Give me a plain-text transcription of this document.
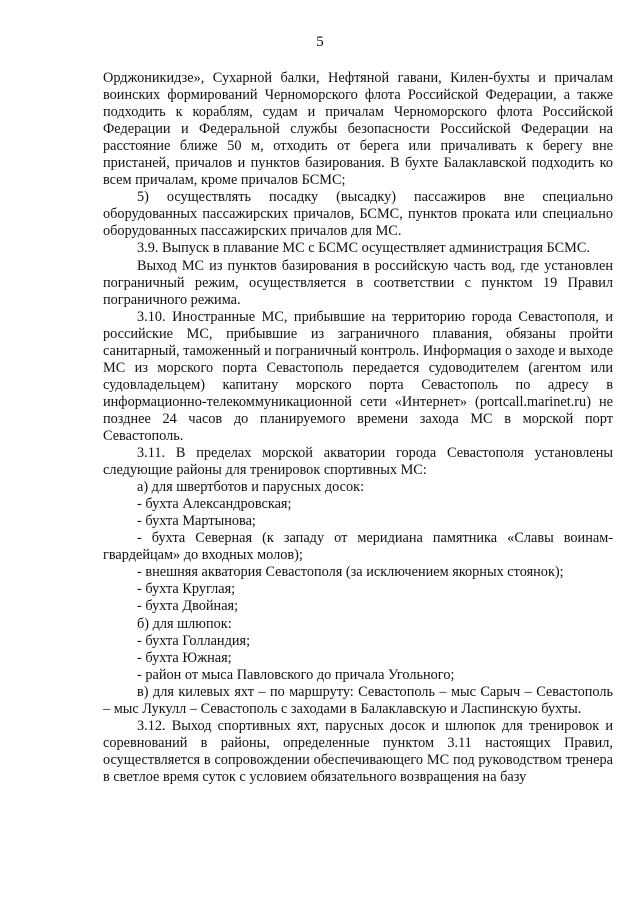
5

Орджоникидзе», Сухарной балки, Нефтяной гавани, Килен-бухты и причалам воинских формирований Черноморского флота Российской Федерации, а также подходить к кораблям, судам и причалам Черноморского флота Российской Федерации и Федеральной службы безопасности Российской Федерации на расстояние ближе 50 м, отходить от берега или причаливать к берегу вне пристаней, причалов и пунктов базирования. В бухте Балаклавской подходить ко всем причалам, кроме причалов БСМС;

5) осуществлять посадку (высадку) пассажиров вне специально оборудованных пассажирских причалов, БСМС, пунктов проката или специально оборудованных пассажирских причалов для МС.

3.9. Выпуск в плавание МС с БСМС осуществляет администрация БСМС.

Выход МС из пунктов базирования в российскую часть вод, где установлен пограничный режим, осуществляется в соответствии с пунктом 19 Правил пограничного режима.

3.10. Иностранные МС, прибывшие на территорию города Севастополя, и российские МС, прибывшие из заграничного плавания, обязаны пройти санитарный, таможенный и пограничный контроль. Информация о заходе и выходе МС из морского порта Севастополь передается судоводителем (агентом или судовладельцем) капитану морского порта Севастополь по адресу в информационно-телекоммуникационной сети «Интернет» (portcall.marinet.ru) не позднее 24 часов до планируемого времени захода МС в морской порт Севастополь.

3.11. В пределах морской акватории города Севастополя установлены следующие районы для тренировок спортивных МС:

а) для швертботов и парусных досок:

- бухта Александровская;

- бухта Мартынова;

- бухта Северная (к западу от меридиана памятника «Славы воинам-гвардейцам» до входных молов);

- внешняя акватория Севастополя (за исключением якорных стоянок);

- бухта Круглая;

- бухта Двойная;

б) для шлюпок:

- бухта Голландия;

- бухта Южная;

- район от мыса Павловского до причала Угольного;

в) для килевых яхт – по маршруту: Севастополь – мыс Сарыч – Севастополь – мыс Лукулл – Севастополь с заходами в Балаклавскую и Ласпинскую бухты.

3.12. Выход спортивных яхт, парусных досок и шлюпок для тренировок и соревнований в районы, определенные пунктом 3.11 настоящих Правил, осуществляется в сопровождении обеспечивающего МС под руководством тренера в светлое время суток с условием обязательного возвращения на базу
